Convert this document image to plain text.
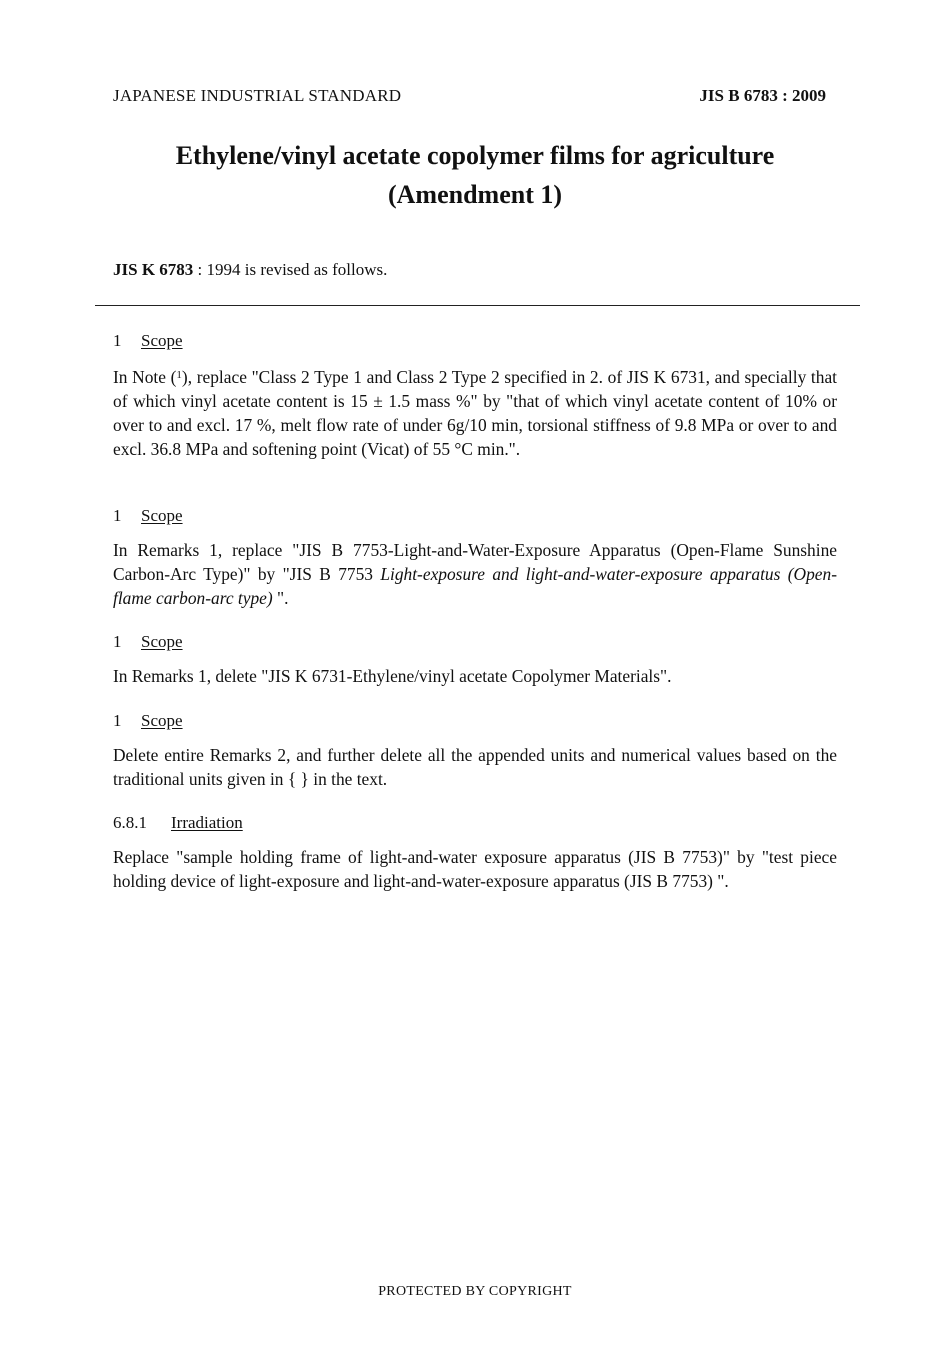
JAPANESE INDUSTRIAL STANDARD	JIS B 6783 : 2009
Ethylene/vinyl acetate copolymer films for agriculture
(Amendment 1)
JIS K 6783 : 1994 is revised as follows.
1 Scope
In Note ($^1$), replace "Class 2 Type 1 and Class 2 Type 2 specified in 2. of JIS K 6731, and specially that of which vinyl acetate content is 15 ± 1.5 mass %" by "that of which vinyl acetate content of 10% or over to and excl. 17 %, melt flow rate of under 6g/10 min, torsional stiffness of 9.8 MPa or over to and excl. 36.8 MPa and softening point (Vicat) of 55 °C min.".
1 Scope
In Remarks 1, replace "JIS B 7753-Light-and-Water-Exposure Apparatus (Open-Flame Sunshine Carbon-Arc Type)" by "JIS B 7753 Light-exposure and light-and-water-exposure apparatus (Open-flame carbon-arc type) ".
1 Scope
In Remarks 1, delete "JIS K 6731-Ethylene/vinyl acetate Copolymer Materials".
1 Scope
Delete entire Remarks 2, and further delete all the appended units and numerical values based on the traditional units given in { } in the text.
6.8.1 Irradiation
Replace "sample holding frame of light-and-water exposure apparatus (JIS B 7753)" by "test piece holding device of light-exposure and light-and-water-exposure apparatus (JIS B 7753) ".
PROTECTED BY COPYRIGHT
